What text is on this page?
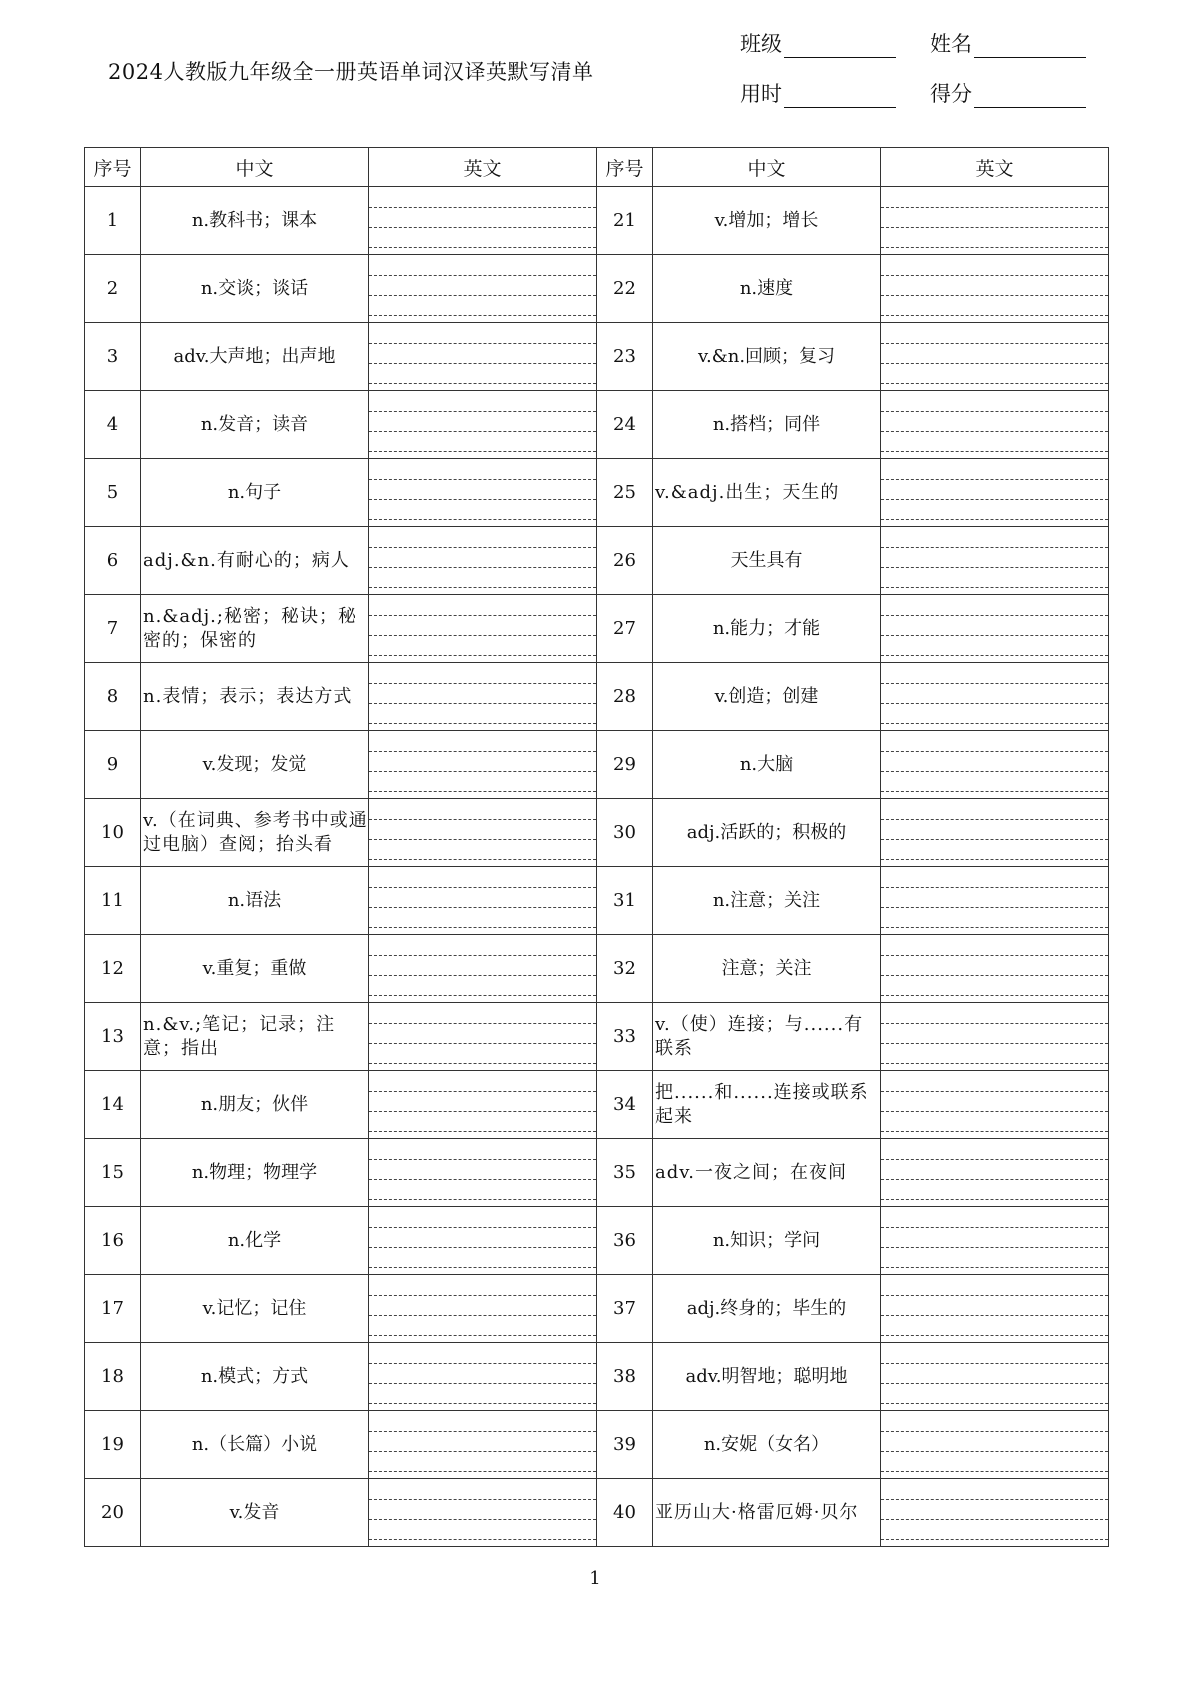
2024人教版九年级全一册英语单词汉译英默写清单
班级	姓名
用时	得分
序号	中文	英文	序号	中文	英文
1	n.教科书；课本		21	v.增加；增长	

2	n.交谈；谈话		22	n.速度	

3	adv.大声地；出声地		23	v.&n.回顾；复习	

4	n.发音；读音		24	n.搭档；同伴	

5	n.句子		25	v.&adj.出生；天生的	

6	adj.&n.有耐心的；病人		26	天生具有	

7	n.&adj.;秘密；秘诀；秘密的；保密的		27	n.能力；才能	

8	n.表情；表示；表达方式		28	v.创造；创建	

9	v.发现；发觉		29	n.大脑	

10	v.（在词典、参考书中或通过电脑）查阅；抬头看		30	adj.活跃的；积极的	

11	n.语法		31	n.注意；关注	

12	v.重复；重做		32	注意；关注	

13	n.&v.;笔记；记录；注意；指出		33	v.（使）连接；与......有联系	

14	n.朋友；伙伴		34	把......和......连接或联系起来	

15	n.物理；物理学		35	adv.一夜之间；在夜间	

16	n.化学		36	n.知识；学问	

17	v.记忆；记住		37	adj.终身的；毕生的	

18	n.模式；方式		38	adv.明智地；聪明地	

19	n.（长篇）小说		39	n.安妮（女名）	

20	v.发音		40	亚历山大·格雷厄姆·贝尔	
1
